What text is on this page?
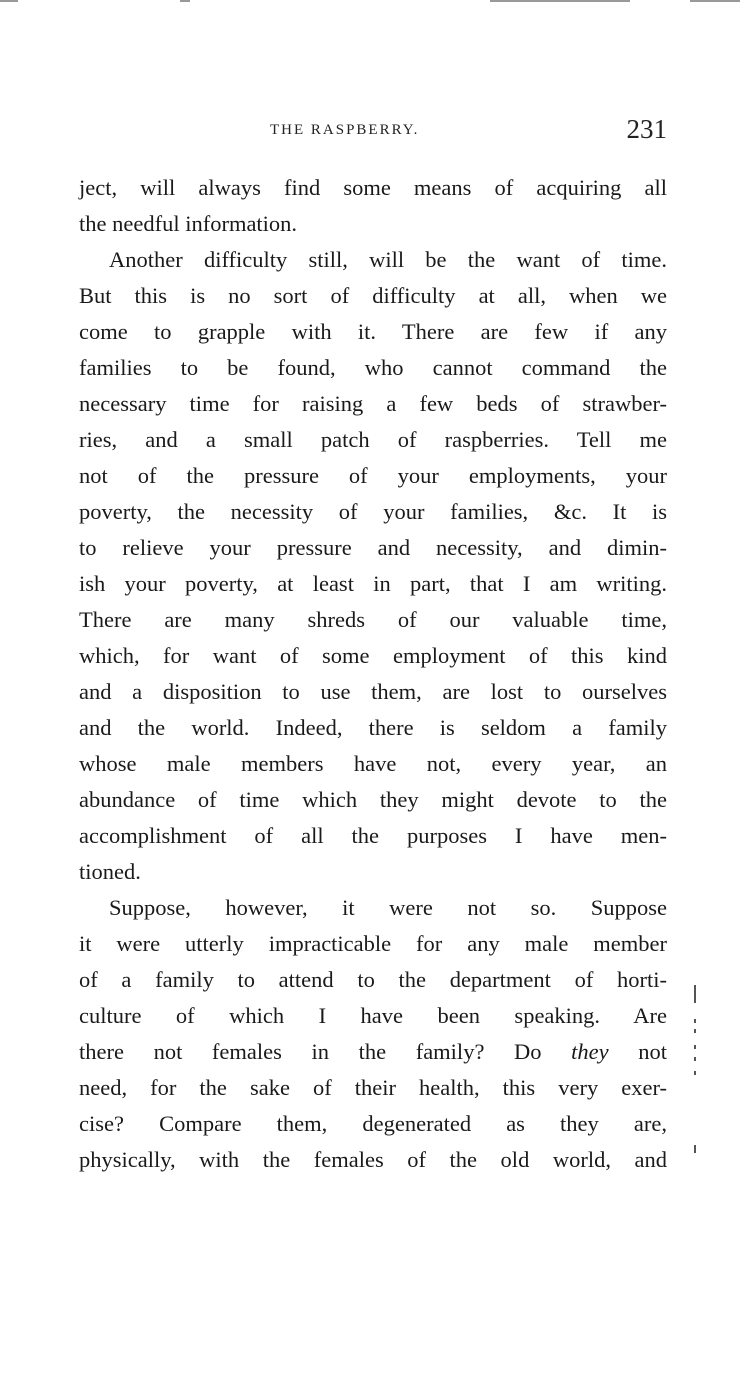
THE RASPBERRY.	231
ject, will always find some means of acquiring all
the needful information.
Another difficulty still, will be the want of time.
But this is no sort of difficulty at all, when we
come to grapple with it. There are few if any
families to be found, who cannot command the
necessary time for raising a few beds of strawber-
ries, and a small patch of raspberries. Tell me
not of the pressure of your employments, your
poverty, the necessity of your families, &c. It is
to relieve your pressure and necessity, and dimin-
ish your poverty, at least in part, that I am writing.
There are many shreds of our valuable time,
which, for want of some employment of this kind
and a disposition to use them, are lost to ourselves
and the world. Indeed, there is seldom a family
whose male members have not, every year, an
abundance of time which they might devote to the
accomplishment of all the purposes I have men-
tioned.
Suppose, however, it were not so. Suppose
it were utterly impracticable for any male member
of a family to attend to the department of horti-
culture of which I have been speaking. Are
there not females in the family? Do they not
need, for the sake of their health, this very exer-
cise? Compare them, degenerated as they are,
physically, with the females of the old world, and
